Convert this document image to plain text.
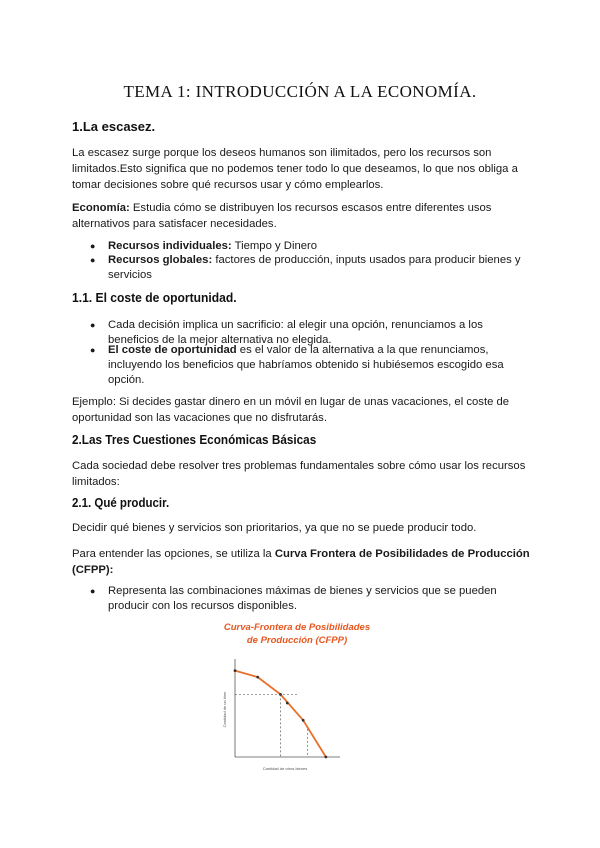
TEMA 1: INTRODUCCIÓN A LA ECONOMÍA.
1.La escasez.
La escasez surge porque los deseos humanos son ilimitados, pero los recursos son limitados.Esto significa que no podemos tener todo lo que deseamos, lo que nos obliga a tomar decisiones sobre qué recursos usar y cómo emplearlos.
Economía: Estudia cómo se distribuyen los recursos escasos entre diferentes usos alternativos para satisfacer necesidades.
● Recursos individuales: Tiempo y Dinero
● Recursos globales: factores de producción, inputs usados para producir bienes y servicios
1.1. El coste de oportunidad.
● Cada decisión implica un sacrificio: al elegir una opción, renunciamos a los beneficios de la mejor alternativa no elegida.
● El coste de oportunidad es el valor de la alternativa a la que renunciamos, incluyendo los beneficios que habríamos obtenido si hubiésemos escogido esa opción.
Ejemplo: Si decides gastar dinero en un móvil en lugar de unas vacaciones, el coste de oportunidad son las vacaciones que no disfrutarás.
2.Las Tres Cuestiones Económicas Básicas
Cada sociedad debe resolver tres problemas fundamentales sobre cómo usar los recursos limitados:
2.1. Qué producir.
Decidir qué bienes y servicios son prioritarios, ya que no se puede producir todo.
Para entender las opciones, se utiliza la Curva Frontera de Posibilidades de Producción (CFPP):
● Representa las combinaciones máximas de bienes y servicios que se pueden producir con los recursos disponibles.
Curva-Frontera de Posibilidades
de Producción (CFPP)
Cantidad de otros bienes
Cantidad de un bien
